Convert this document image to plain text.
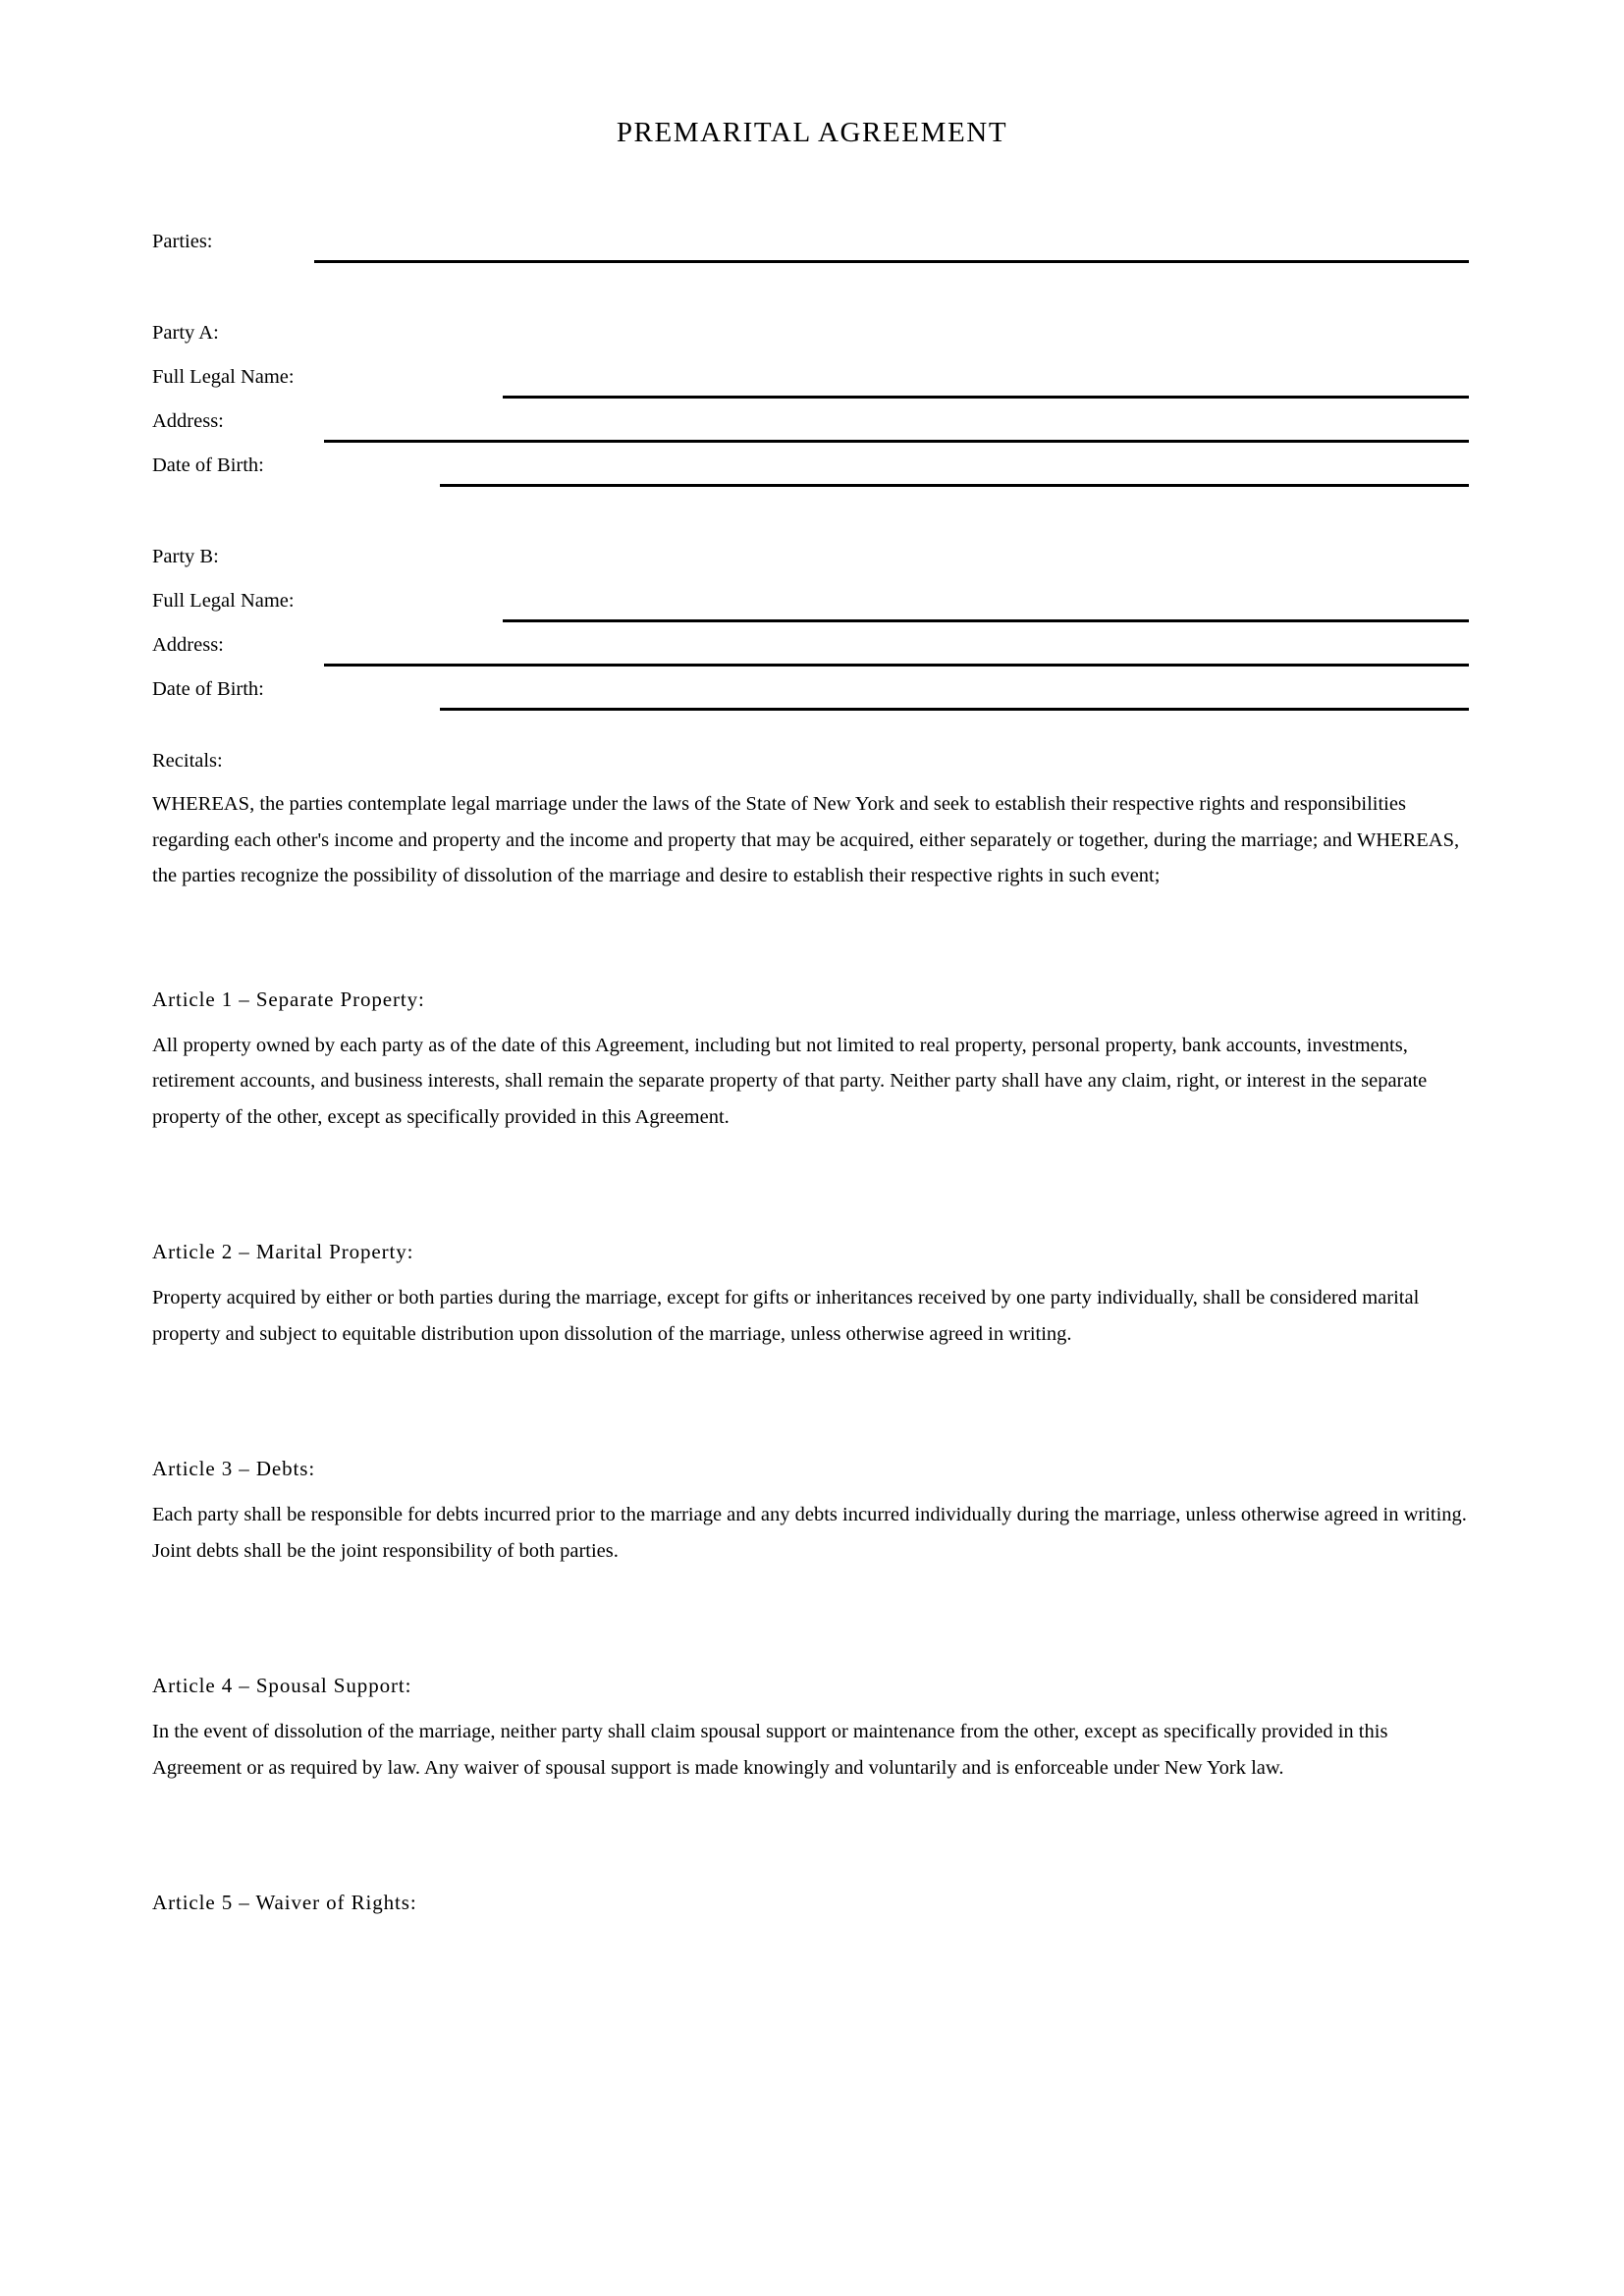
PREMARITAL AGREEMENT
Parties:
Party A:
Full Legal Name:
Address:
Date of Birth:
Party B:
Full Legal Name:
Address:
Date of Birth:
Recitals:

WHEREAS, the parties contemplate legal marriage under the laws of the State of New York and seek to establish their respective rights and responsibilities regarding each other's income and property and the income and property that may be acquired, either separately or together, during the marriage; and WHEREAS, the parties recognize the possibility of dissolution of the marriage and desire to establish their respective rights in such event;

Article 1 – Separate Property:

All property owned by each party as of the date of this Agreement, including but not limited to real property, personal property, bank accounts, investments, retirement accounts, and business interests, shall remain the separate property of that party. Neither party shall have any claim, right, or interest in the separate property of the other, except as specifically provided in this Agreement.

Article 2 – Marital Property:

Property acquired by either or both parties during the marriage, except for gifts or inheritances received by one party individually, shall be considered marital property and subject to equitable distribution upon dissolution of the marriage, unless otherwise agreed in writing.

Article 3 – Debts:

Each party shall be responsible for debts incurred prior to the marriage and any debts incurred individually during the marriage, unless otherwise agreed in writing. Joint debts shall be the joint responsibility of both parties.

Article 4 – Spousal Support:

In the event of dissolution of the marriage, neither party shall claim spousal support or maintenance from the other, except as specifically provided in this Agreement or as required by law. Any waiver of spousal support is made knowingly and voluntarily and is enforceable under New York law.

Article 5 – Waiver of Rights:
